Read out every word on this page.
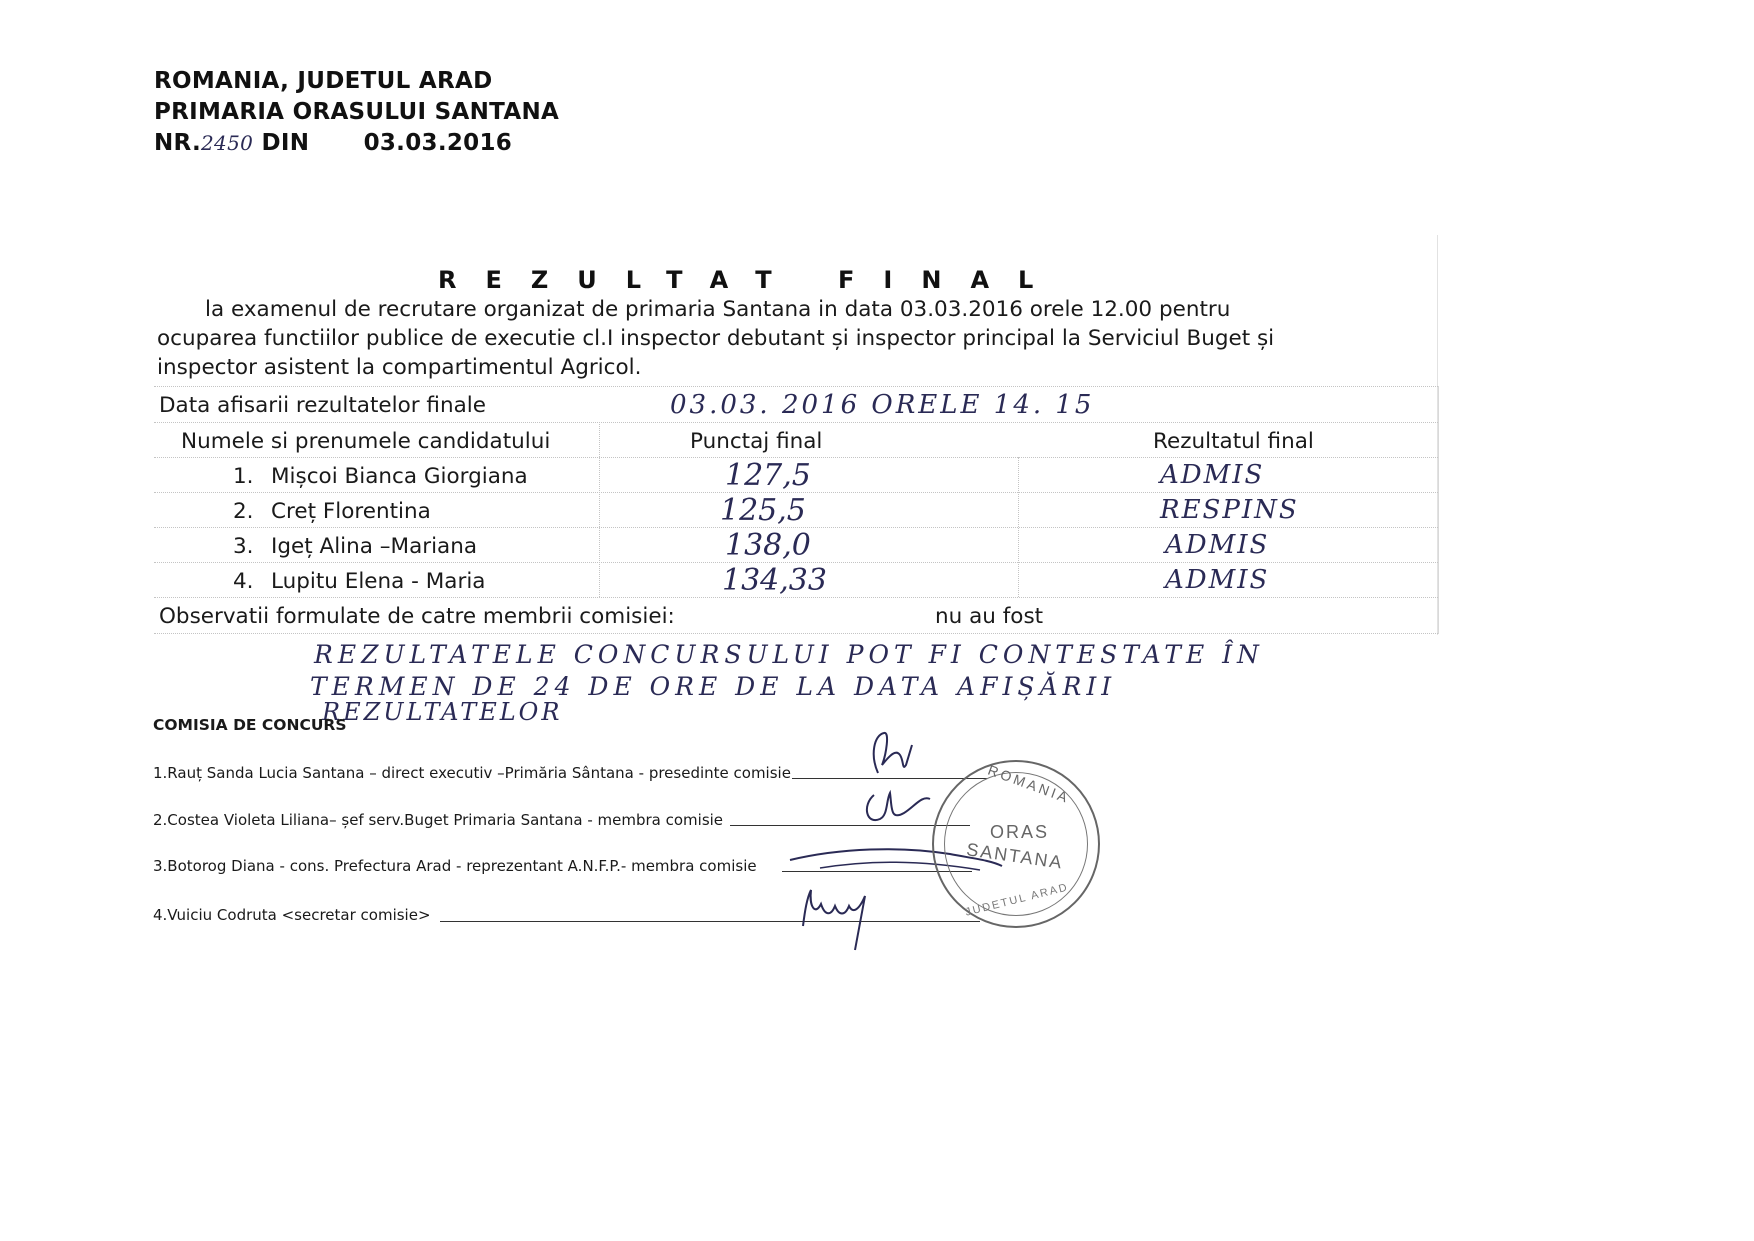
ROMANIA, JUDETUL ARAD
PRIMARIA ORASULUI SANTANA
NR.2450 DIN 03.03.2016
REZULTAT FINAL
la examenul de recrutare organizat de primaria Santana in data 03.03.2016 orele 12.00 pentru
ocuparea functiilor publice de executie cl.I inspector debutant și inspector principal la Serviciul Buget și
inspector asistent la compartimentul Agricol.
Data afisarii rezultatelor finale	03.03. 2016 ORELE 14. 15
Numele si prenumele candidatului	Punctaj final	Rezultatul final
1. Mișcoi Bianca Giorgiana	127,5	ADMIS
2. Creț Florentina	125,5	RESPINS
3. Igeț Alina –Mariana	138,0	ADMIS
4. Lupitu Elena - Maria	134,33	ADMIS
Observatii formulate de catre membrii comisiei:	nu au fost
REZULTATELE CONCURSULUI POT FI CONTESTATE ÎN
TERMEN DE 24 DE ORE DE LA DATA AFIȘĂRII
REZULTATELOR
COMISIA DE CONCURS
1.Rauț Sanda Lucia Santana – direct executiv –Primăria Sântana - presedinte comisie
2.Costea Violeta Liliana– șef serv.Buget Primaria Santana - membra comisie
3.Botorog Diana - cons. Prefectura Arad - reprezentant A.N.F.P.- membra comisie
4.Vuiciu Codruta <secretar comisie>
ROMANIA
ORAS
SANTANA
JUDETUL ARAD
